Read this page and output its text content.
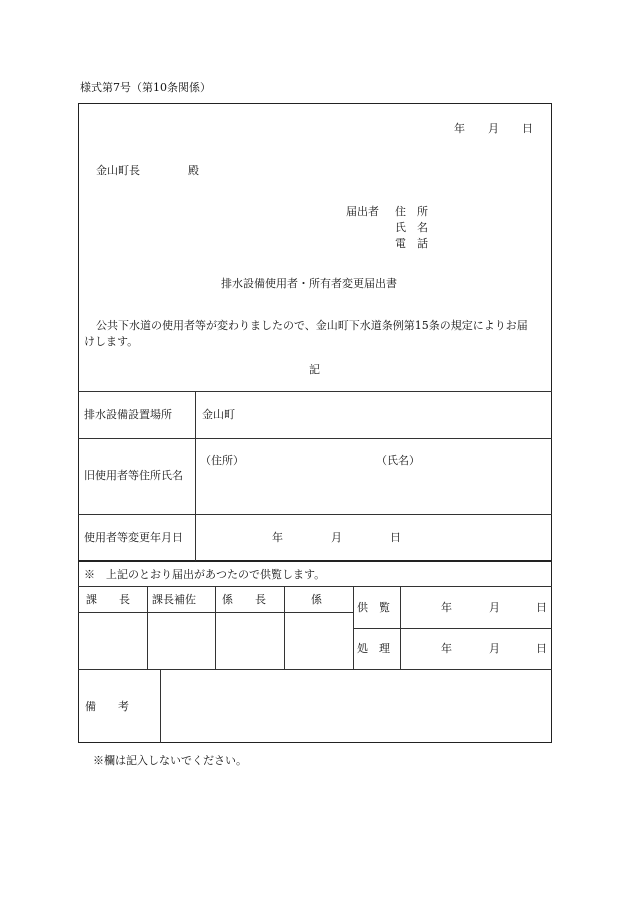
様式第7号（第10条関係）
年 月 日
金山町長	殿
届出者 住　所
氏　名
電　話
排水設備使用者・所有者変更届出書
公共下水道の使用者等が変わりましたので、金山町下水道条例第15条の規定によりお届
けします。
記
排水設備設置場所	金山町
旧使用者等住所氏名
（住所）	（氏名）
使用者等変更年月日	年	月	日
※　上記のとおり届出があつたので供覧します。
課　　長 課長補佐 係　　長	係
供　覧	年	月	日
処　理	年	月	日
備　　考
※欄は記入しないでください。
